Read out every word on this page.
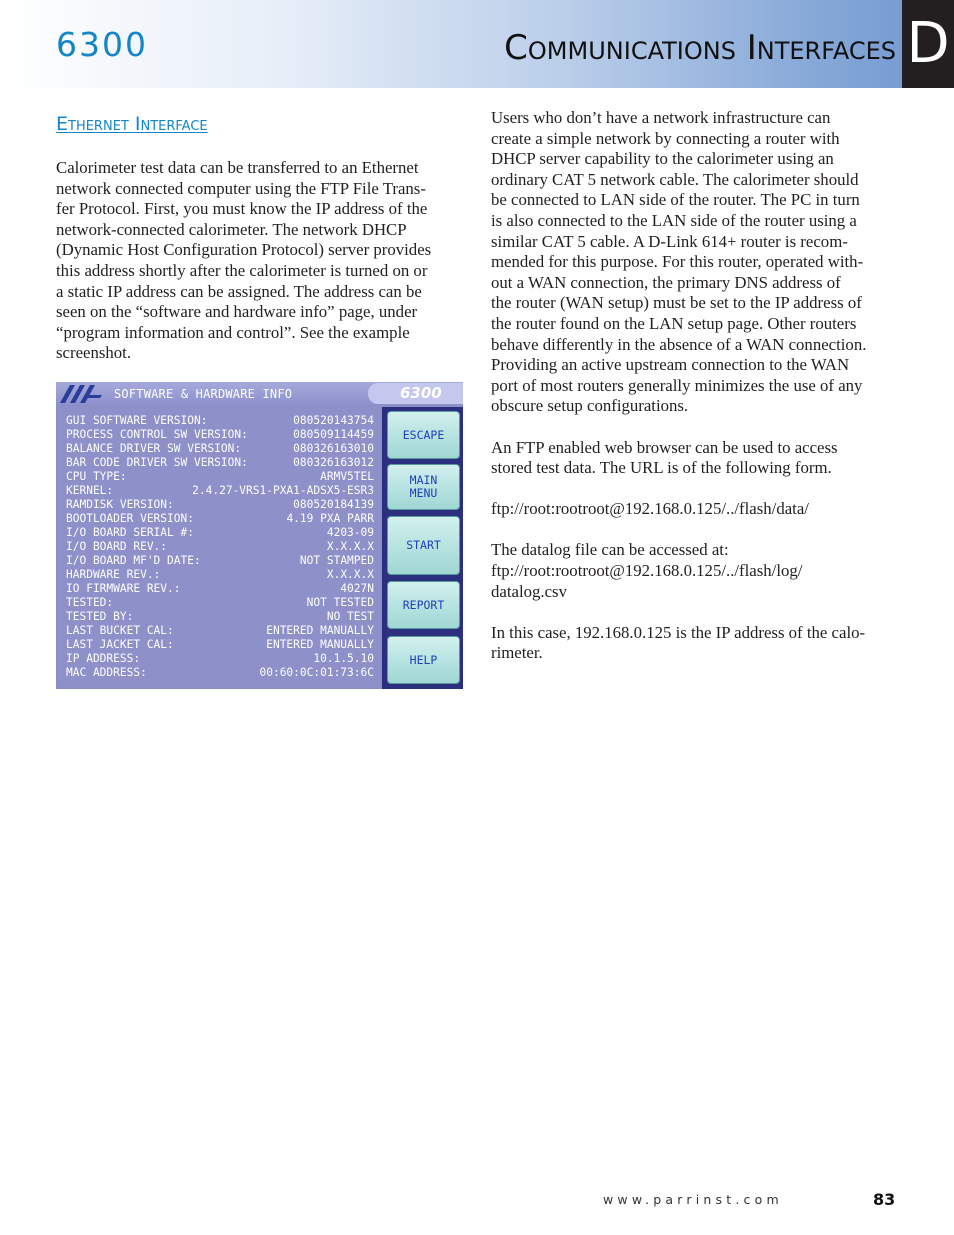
6300	Communications Interfaces D
Ethernet Interface

Calorimeter test data can be transferred to an Ethernet
network connected computer using the FTP File Trans-
fer Protocol. First, you must know the IP address of the
network-connected calorimeter. The network DHCP
(Dynamic Host Configuration Protocol) server provides
this address shortly after the calorimeter is turned on or
a static IP address can be assigned. The address can be
seen on the “software and hardware info” page, under
“program information and control”. See the example
screenshot.

SOFTWARE & HARDWARE INFO	6300
GUI SOFTWARE VERSION:	080520143754
PROCESS CONTROL SW VERSION:	080509114459
BALANCE DRIVER SW VERSION:	080326163010
BAR CODE DRIVER SW VERSION:	080326163012
CPU TYPE:	ARMV5TEL
KERNEL:	2.4.27-VRS1-PXA1-ADSX5-ESR3
RAMDISK VERSION:	080520184139
BOOTLOADER VERSION:	4.19 PXA PARR
I/O BOARD SERIAL #:	4203-09
I/O BOARD REV.:	X.X.X.X
I/O BOARD MF'D DATE:	NOT STAMPED
HARDWARE REV.:	X.X.X.X
IO FIRMWARE REV.:	4027N
TESTED:	NOT TESTED
TESTED BY:	NO TEST
LAST BUCKET CAL:	ENTERED MANUALLY
LAST JACKET CAL:	ENTERED MANUALLY
IP ADDRESS:	10.1.5.10
MAC ADDRESS:	00:60:0C:01:73:6C
ESCAPE
MAIN
MENU
START
REPORT
HELP

Users who don’t have a network infrastructure can
create a simple network by connecting a router with
DHCP server capability to the calorimeter using an
ordinary CAT 5 network cable. The calorimeter should
be connected to LAN side of the router. The PC in turn
is also connected to the LAN side of the router using a
similar CAT 5 cable. A D-Link 614+ router is recom-
mended for this purpose. For this router, operated with-
out a WAN connection, the primary DNS address of
the router (WAN setup) must be set to the IP address of
the router found on the LAN setup page. Other routers
behave differently in the absence of a WAN connection.
Providing an active upstream connection to the WAN
port of most routers generally minimizes the use of any
obscure setup configurations.

An FTP enabled web browser can be used to access
stored test data. The URL is of the following form.

ftp://root:rootroot@192.168.0.125/../flash/data/

The datalog file can be accessed at:
ftp://root:rootroot@192.168.0.125/../flash/log/
datalog.csv

In this case, 192.168.0.125 is the IP address of the calo-
rimeter.

www.parrinst.com	83
